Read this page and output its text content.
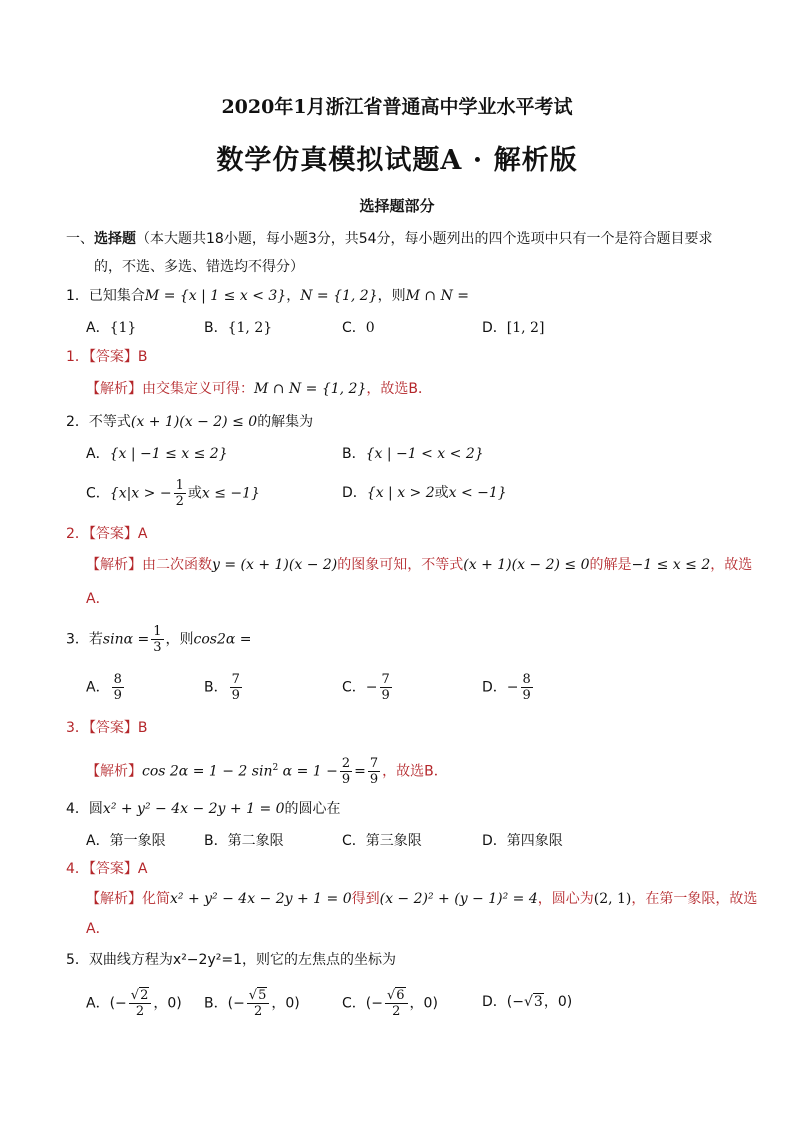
2020年1月浙江省普通高中学业水平考试
数学仿真模拟试题A · 解析版
选择题部分
一、选择题（本大题共18小题，每小题3分，共54分，每小题列出的四个选项中只有一个是符合题目要求
的，不选、多选、错选均不得分）
1．已知集合M = {x | 1 ≤ x < 3}，N = {1, 2}，则M ∩ N =
A．{1}	B．{1, 2}	C．0	D．[1, 2]
1．【答案】B
【解析】由交集定义可得：M ∩ N = {1, 2}，故选B．
2．不等式(x + 1)(x − 2) ≤ 0的解集为
A．{x | −1 ≤ x ≤ 2}	B．{x | −1 < x < 2}
C．{x|x > − $\frac{1}{2}$ 或x ≤ −1}	D．{x | x > 2或x < −1}
2．【答案】A
【解析】由二次函数y = (x + 1)(x − 2)的图象可知，不等式(x + 1)(x − 2) ≤ 0的解是−1 ≤ x ≤ 2，故选
A．
3．若$\sin\alpha = \frac{1}{3}$ ，则cos2α =
A． $\frac{8}{9}$	B． $\frac{7}{9}$	C．− $\frac{7}{9}$	D．− $\frac{8}{9}$
3．【答案】B
【解析】cos 2α = 1 − 2 $\sin^2 \alpha = 1 - \frac{2}{9} = \frac{7}{9}$ ，故选B．
4．圆x² + y² − 4x − 2y + 1 = 0的圆心在
A．第一象限	B．第二象限	C．第三象限	D．第四象限
4．【答案】A
【解析】化简x² + y² − 4x − 2y + 1 = 0得到(x − 2)² + (y − 1)² = 4，圆心为(2, 1)，在第一象限，故选
A．
5．双曲线方程为x²−2y²=1，则它的左焦点的坐标为
A．(− $\frac{√2}{2}$ ，0) B．(− $\frac{√5}{2}$ ，0)	C．(− $\frac{√6}{2}$ ，0)	D．(−√3，0)
